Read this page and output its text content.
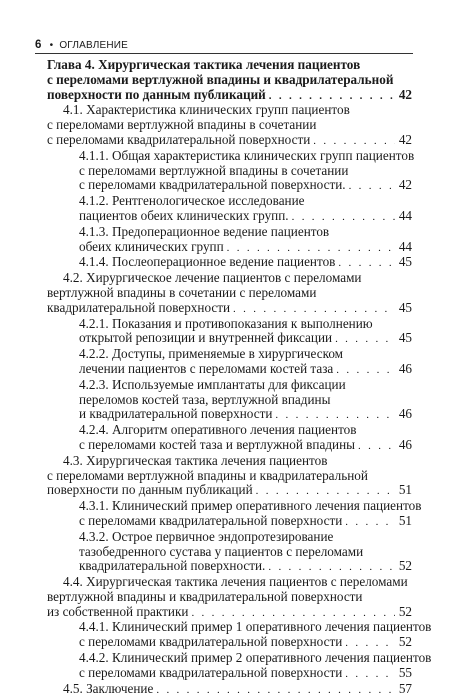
6 • ОГЛАВЛЕНИЕ
Глава 4. Хирургическая тактика лечения пациентов
с переломами вертлужной впадины и квадрилатеральной
поверхности по данным публикаций . . .	42
4.1. Характеристика клинических групп пациентов
с переломами вертлужной впадины в сочетании
с переломами квадрилатеральной поверхности . . .	42
4.1.1. Общая характеристика клинических групп пациентов
с переломами вертлужной впадины в сочетании
с переломами квадрилатеральной поверхности. . . .	42
4.1.2. Рентгенологическое исследование
пациентов обеих клинических групп. . . .	44
4.1.3. Предоперационное ведение пациентов
обеих клинических групп . . .	44
4.1.4. Послеоперационное ведение пациентов . . .	45
4.2. Хирургическое лечение пациентов с переломами
вертлужной впадины в сочетании с переломами
квадрилатеральной поверхности . . .	45
4.2.1. Показания и противопоказания к выполнению
открытой репозиции и внутренней фиксации . . .	45
4.2.2. Доступы, применяемые в хирургическом
лечении пациентов с переломами костей таза . . .	46
4.2.3. Используемые имплантаты для фиксации
переломов костей таза, вертлужной впадины
и квадрилатеральной поверхности . . .	46
4.2.4. Алгоритм оперативного лечения пациентов
с переломами костей таза и вертлужной впадины . . .	46
4.3. Хирургическая тактика лечения пациентов
с переломами вертлужной впадины и квадрилатеральной
поверхности по данным публикаций . . .	51
4.3.1. Клинический пример оперативного лечения пациентов
с переломами квадрилатеральной поверхности . . .	51
4.3.2. Острое первичное эндопротезирование
тазобедренного сустава у пациентов с переломами
квадрилатеральной поверхности. . . .	52
4.4. Хирургическая тактика лечения пациентов с переломами
вертлужной впадины и квадрилатеральной поверхности
из собственной практики . . .	52
4.4.1. Клинический пример 1 оперативного лечения пациентов
с переломами квадрилатеральной поверхности . . .	52
4.4.2. Клинический пример 2 оперативного лечения пациентов
с переломами квадрилатеральной поверхности . . .	55
4.5. Заключение . . .	57
